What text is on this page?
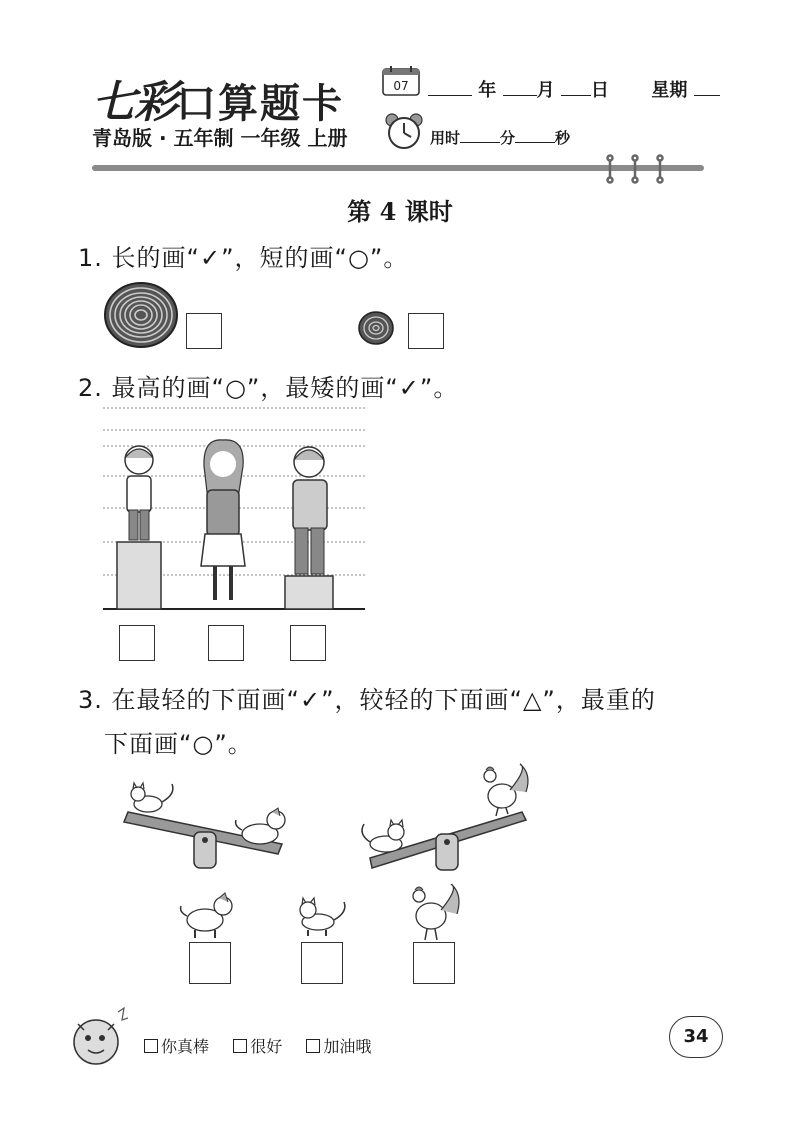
七彩口算题卡	07	年 月 日 星期
青岛版 · 五年制 一年级 上册	用时	分	秒
第 4 课时
1. 长的画“✓”，短的画“○”。
2. 最高的画“○”，最矮的画“✓”。
3. 在最轻的下面画“✓”，较轻的下面画“△”，最重的
下面画“○”。
你真棒	很好	加油哦	34
